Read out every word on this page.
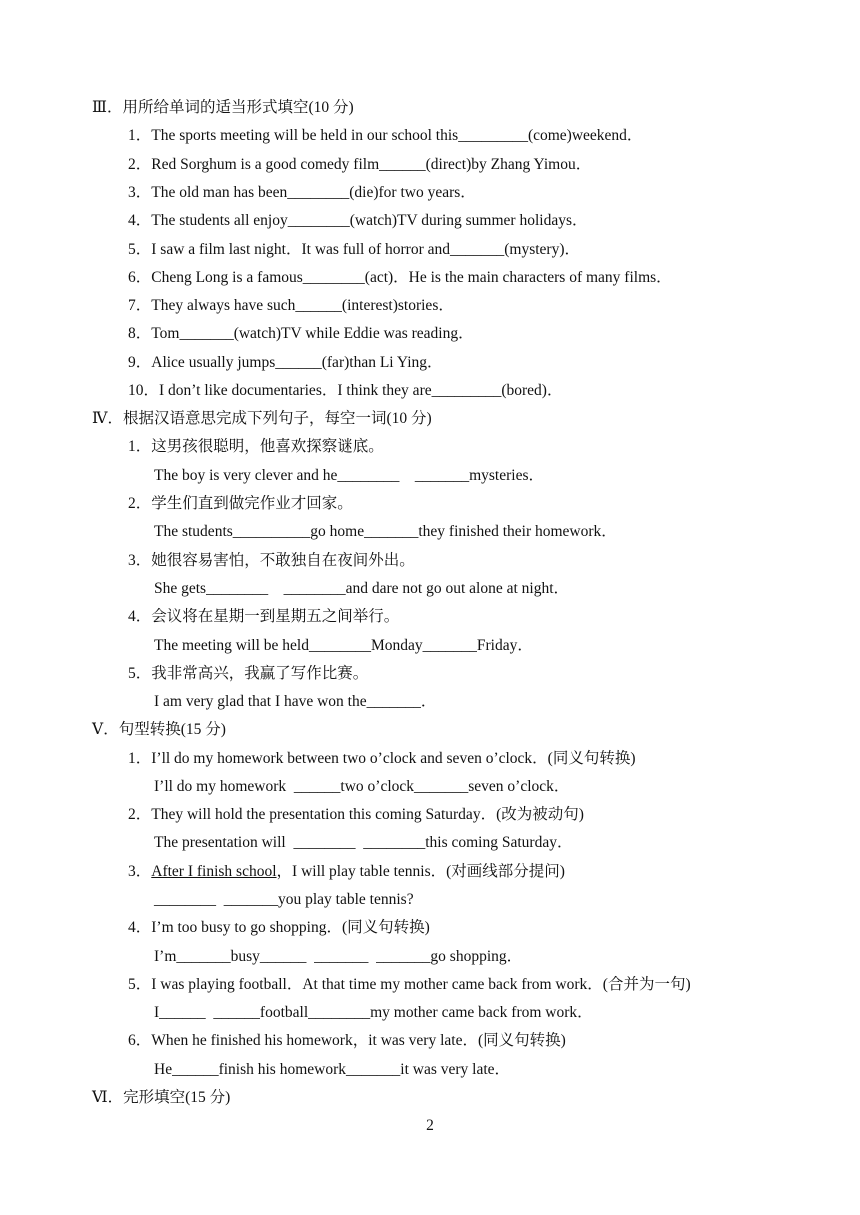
Ⅲ．用所给单词的适当形式填空(10 分)
1．The sports meeting will be held in our school this_________(come)weekend．
2．Red Sorghum is a good comedy film______(direct)by Zhang Yimou．
3．The old man has been________(die)for two years．
4．The students all enjoy________(watch)TV during summer holidays．
5．I saw a film last night．It was full of horror and_______(mystery)．
6．Cheng Long is a famous________(act)．He is the main characters of many films．
7．They always have such______(interest)stories．
8．Tom_______(watch)TV while Eddie was reading．
9．Alice usually jumps______(far)than Li Ying．
10．I don’t like documentaries．I think they are_________(bored)．
Ⅳ．根据汉语意思完成下列句子，每空一词(10 分)
1．这男孩很聪明，他喜欢探察谜底。
The boy is very clever and he________    _______mysteries．
2．学生们直到做完作业才回家。
The students__________go home_______they finished their homework．
3．她很容易害怕，不敢独自在夜间外出。
She gets________    ________and dare not go out alone at night．
4．会议将在星期一到星期五之间举行。
The meeting will be held________Monday_______Friday．
5．我非常高兴，我赢了写作比赛。
I am very glad that I have won the_______．
Ⅴ．句型转换(15 分)
1．I’ll do my homework between two o’clock and seven o’clock．(同义句转换)
I’ll do my homework  ______two o’clock_______seven o’clock．
2．They will hold the presentation this coming Saturday．(改为被动句)
The presentation will  ________  ________this coming Saturday．
3．After I finish school，I will play table tennis．(对画线部分提问)
________  _______you play table tennis?
4．I’m too busy to go shopping．(同义句转换)
I’m_______busy______  _______  _______go shopping．
5．I was playing football．At that time my mother came back from work．(合并为一句)
I______  ______football________my mother came back from work．
6．When he finished his homework，it was very late．(同义句转换)
He______finish his homework_______it was very late．
Ⅵ．完形填空(15 分)
2
